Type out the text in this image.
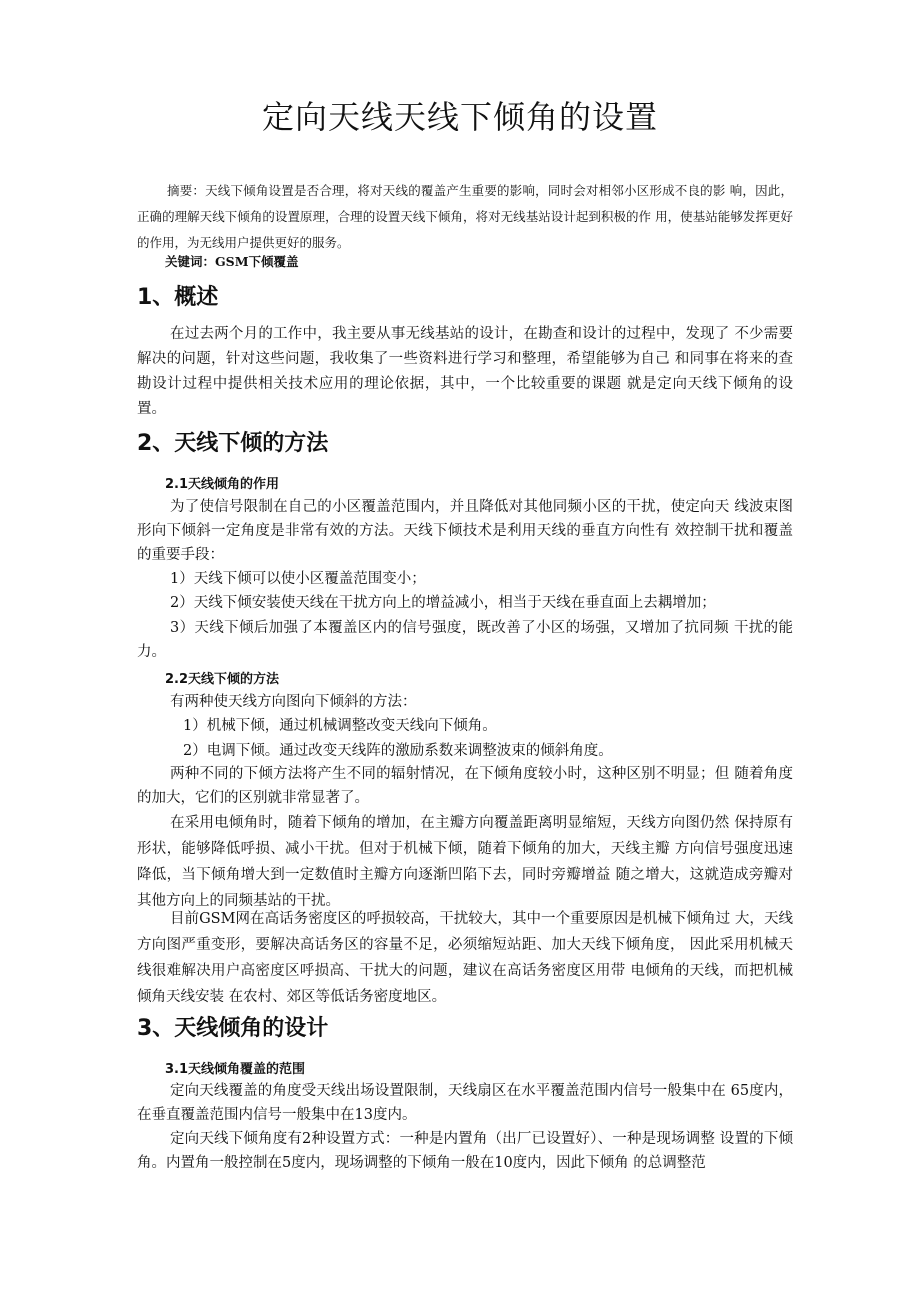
定向天线天线下倾角的设置

摘要：天线下倾角设置是否合理，将对天线的覆盖产生重要的影响，同时会对相邻小区形成不良的影 响，因此，正确的理解天线下倾角的设置原理，合理的设置天线下倾角，将对无线基站设计起到积极的作 用，使基站能够发挥更好的作用，为无线用户提供更好的服务。

关键词：GSM下倾覆盖
1、概述

在过去两个月的工作中，我主要从事无线基站的设计，在勘查和设计的过程中，发现了 不少需要解决的问题，针对这些问题，我收集了一些资料进行学习和整理，希望能够为自己 和同事在将来的查勘设计过程中提供相关技术应用的理论依据，其中，一个比较重要的课题 就是定向天线下倾角的设置。

2、天线下倾的方法
2.1天线倾角的作用

为了使信号限制在自己的小区覆盖范围内，并且降低对其他同频小区的干扰，使定向天 线波束图形向下倾斜一定角度是非常有效的方法。天线下倾技术是利用天线的垂直方向性有 效控制干扰和覆盖的重要手段：

1）天线下倾可以使小区覆盖范围变小；

2）天线下倾安装使天线在干扰方向上的增益减小，相当于天线在垂直面上去耦增加；

3）天线下倾后加强了本覆盖区内的信号强度，既改善了小区的场强，又增加了抗同频 干扰的能力。

2.2天线下倾的方法

有两种使天线方向图向下倾斜的方法：

1）机械下倾，通过机械调整改变天线向下倾角。

2）电调下倾。通过改变天线阵的激励系数来调整波束的倾斜角度。

两种不同的下倾方法将产生不同的辐射情况，在下倾角度较小时，这种区别不明显；但 随着角度的加大，它们的区别就非常显著了。

在采用电倾角时，随着下倾角的增加，在主瓣方向覆盖距离明显缩短，天线方向图仍然 保持原有形状，能够降低呼损、减小干扰。但对于机械下倾，随着下倾角的加大，天线主瓣 方向信号强度迅速降低，当下倾角增大到一定数值时主瓣方向逐渐凹陷下去，同时旁瓣增益 随之增大，这就造成旁瓣对其他方向上的同频基站的干扰。

目前GSM网在高话务密度区的呼损较高，干扰较大，其中一个重要原因是机械下倾角过 大，天线方向图严重变形，要解决高话务区的容量不足，必须缩短站距、加大天线下倾角度， 因此采用机械天线很难解决用户高密度区呼损高、干扰大的问题，建议在高话务密度区用带 电倾角的天线，而把机械倾角天线安装 在农村、郊区等低话务密度地区。

3、天线倾角的设计
3.1天线倾角覆盖的范围

定向天线覆盖的角度受天线出场设置限制，天线扇区在水平覆盖范围内信号一般集中在 65度内，在垂直覆盖范围内信号一般集中在13度内。

定向天线下倾角度有2种设置方式：一种是内置角（出厂已设置好）、一种是现场调整 设置的下倾角。内置角一般控制在5度内，现场调整的下倾角一般在10度内，因此下倾角 的总调整范
